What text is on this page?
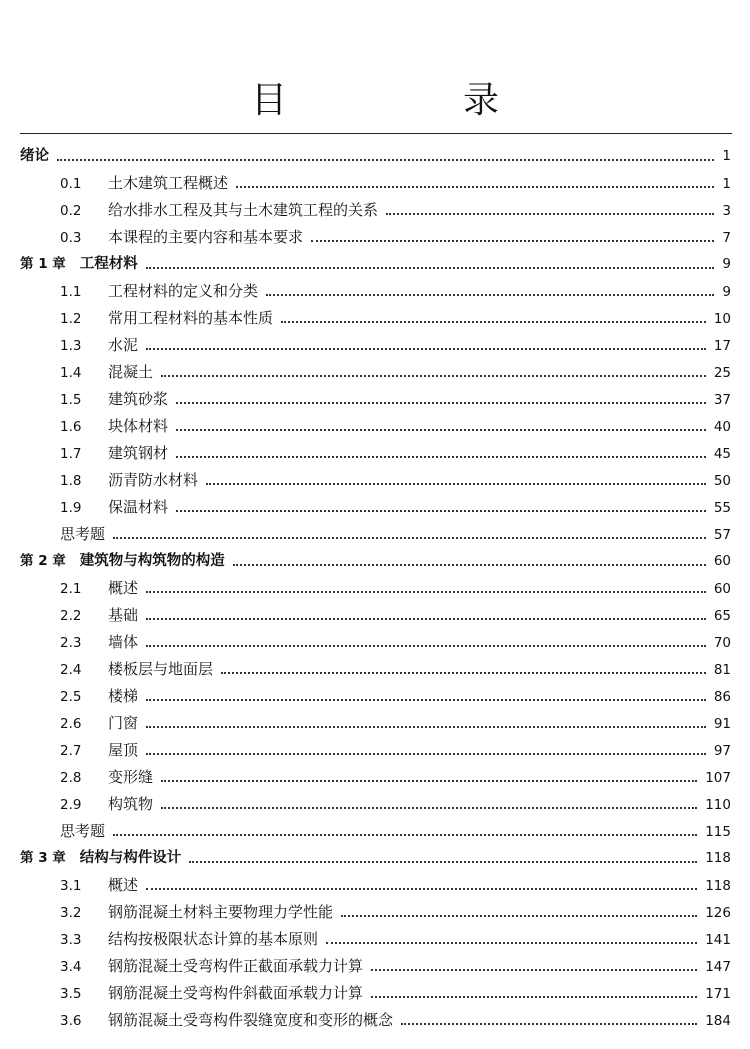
目　录
绪论	1
0.1	土木建筑工程概述	1
0.2	给水排水工程及其与土木建筑工程的关系	3
0.3	本课程的主要内容和基本要求	7
第 1 章 工程材料	9
1.1	工程材料的定义和分类	9
1.2	常用工程材料的基本性质	10
1.3	水泥	17
1.4	混凝土	25
1.5	建筑砂浆	37
1.6	块体材料	40
1.7	建筑钢材	45
1.8	沥青防水材料	50
1.9	保温材料	55
思考题	57
第 2 章 建筑物与构筑物的构造	60
2.1	概述	60
2.2	基础	65
2.3	墙体	70
2.4	楼板层与地面层	81
2.5	楼梯	86
2.6	门窗	91
2.7	屋顶	97
2.8	变形缝	107
2.9	构筑物	110
思考题	115
第 3 章 结构与构件设计	118
3.1	概述	118
3.2	钢筋混凝土材料主要物理力学性能	126
3.3	结构按极限状态计算的基本原则	141
3.4	钢筋混凝土受弯构件正截面承载力计算	147
3.5	钢筋混凝土受弯构件斜截面承载力计算	171
3.6	钢筋混凝土受弯构件裂缝宽度和变形的概念	184
